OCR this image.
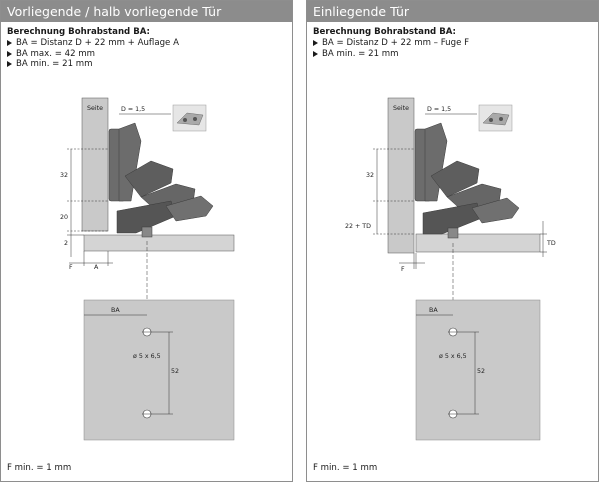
Vorliegende / halb vorliegende Tür
Berechnung Bohrabstand BA:
BA = Distanz D + 22 mm + Auflage A
BA max. = 42 mm
BA min. = 21 mm
Seite	D = 1,5
32
20
2
F	A
BA
ø 5 x 6,5
52
F min. = 1 mm
Einliegende Tür
Berechnung Bohrabstand BA:
BA = Distanz D + 22 mm – Fuge F
BA min. = 21 mm
Seite	D = 1,5
32
22 + TD
TD
F
BA
ø 5 x 6,5
52
F min. = 1 mm
